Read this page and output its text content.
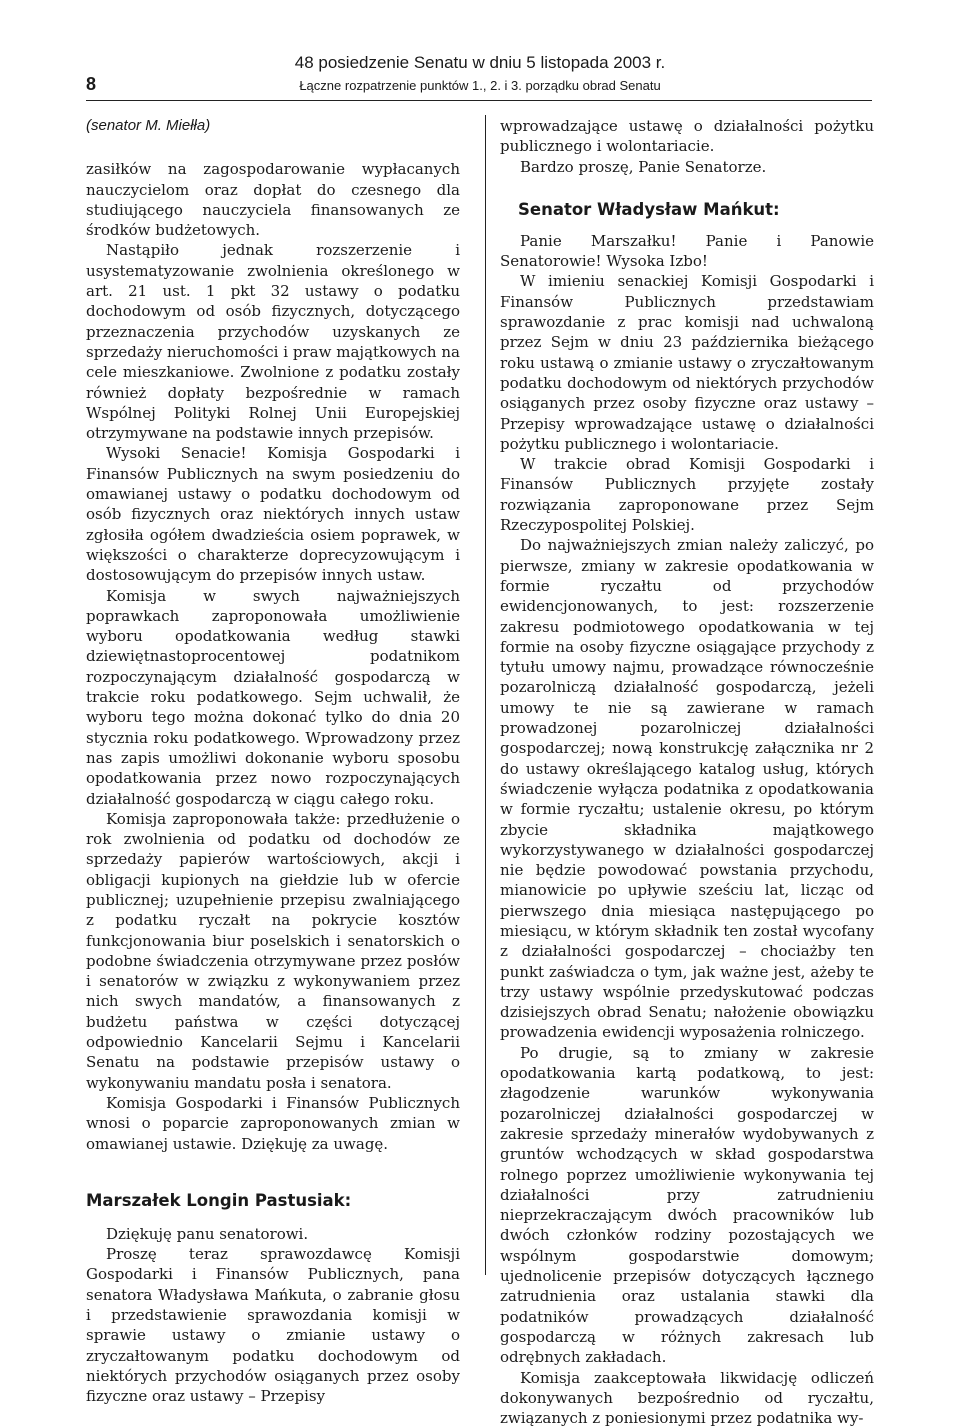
8
48 posiedzenie Senatu w dniu 5 listopada 2003 r.
Łączne rozpatrzenie punktów 1., 2. i 3. porządku obrad Senatu
(senator M. Miełła)

zasiłków na zagospodarowanie wypłacanych nauczycielom oraz dopłat do czesnego dla studiującego nauczyciela finansowanych ze środków budżetowych.

Nastąpiło jednak rozszerzenie i usystematyzowanie zwolnienia określonego w art. 21 ust. 1 pkt 32 ustawy o podatku dochodowym od osób fizycznych, dotyczącego przeznaczenia przychodów uzyskanych ze sprzedaży nieruchomości i praw majątkowych na cele mieszkaniowe. Zwolnione z podatku zostały również dopłaty bezpośrednie w ramach Wspólnej Polityki Rolnej Unii Europejskiej otrzymywane na podstawie innych przepisów.

Wysoki Senacie! Komisja Gospodarki i Finansów Publicznych na swym posiedzeniu do omawianej ustawy o podatku dochodowym od osób fizycznych oraz niektórych innych ustaw zgłosiła ogółem dwadzieścia osiem poprawek, w większości o charakterze doprecyzowującym i dostosowującym do przepisów innych ustaw.

Komisja w swych najważniejszych poprawkach zaproponowała umożliwienie wyboru opodatkowania według stawki dziewiętnastoprocentowej podatnikom rozpoczynającym działalność gospodarczą w trakcie roku podatkowego. Sejm uchwalił, że wyboru tego można dokonać tylko do dnia 20 stycznia roku podatkowego. Wprowadzony przez nas zapis umożliwi dokonanie wyboru sposobu opodatkowania przez nowo rozpoczynających działalność gospodarczą w ciągu całego roku.

Komisja zaproponowała także: przedłużenie o rok zwolnienia od podatku od dochodów ze sprzedaży papierów wartościowych, akcji i obligacji kupionych na giełdzie lub w ofercie publicznej; uzupełnienie przepisu zwalniającego z podatku ryczałt na pokrycie kosztów funkcjonowania biur poselskich i senatorskich o podobne świadczenia otrzymywane przez posłów i senatorów w związku z wykonywaniem przez nich swych mandatów, a finansowanych z budżetu państwa w części dotyczącej odpowiednio Kancelarii Sejmu i Kancelarii Senatu na podstawie przepisów ustawy o wykonywaniu mandatu posła i senatora.

Komisja Gospodarki i Finansów Publicznych wnosi o poparcie zaproponowanych zmian w omawianej ustawie. Dziękuję za uwagę.

Marszałek Longin Pastusiak:

Dziękuję panu senatorowi.

Proszę teraz sprawozdawcę Komisji Gospodarki i Finansów Publicznych, pana senatora Władysława Mańkuta, o zabranie głosu i przedstawienie sprawozdania komisji w sprawie ustawy o zmianie ustawy o zryczałtowanym podatku dochodowym od niektórych przychodów osiąganych przez osoby fizyczne oraz ustawy – Przepisy

wprowadzające ustawę o działalności pożytku publicznego i wolontariacie.

Bardzo proszę, Panie Senatorze.

Senator Władysław Mańkut:

Panie Marszałku! Panie i Panowie Senatorowie! Wysoka Izbo!

W imieniu senackiej Komisji Gospodarki i Finansów Publicznych przedstawiam sprawozdanie z prac komisji nad uchwaloną przez Sejm w dniu 23 października bieżącego roku ustawą o zmianie ustawy o zryczałtowanym podatku dochodowym od niektórych przychodów osiąganych przez osoby fizyczne oraz ustawy – Przepisy wprowadzające ustawę o działalności pożytku publicznego i wolontariacie.

W trakcie obrad Komisji Gospodarki i Finansów Publicznych przyjęte zostały rozwiązania zaproponowane przez Sejm Rzeczypospolitej Polskiej.

Do najważniejszych zmian należy zaliczyć, po pierwsze, zmiany w zakresie opodatkowania w formie ryczałtu od przychodów ewidencjonowanych, to jest: rozszerzenie zakresu podmiotowego opodatkowania w tej formie na osoby fizyczne osiągające przychody z tytułu umowy najmu, prowadzące równocześnie pozarolniczą działalność gospodarczą, jeżeli umowy te nie są zawierane w ramach prowadzonej pozarolniczej działalności gospodarczej; nową konstrukcję załącznika nr 2 do ustawy określającego katalog usług, których świadczenie wyłącza podatnika z opodatkowania w formie ryczałtu; ustalenie okresu, po którym zbycie składnika majątkowego wykorzystywanego w działalności gospodarczej nie będzie powodować powstania przychodu, mianowicie po upływie sześciu lat, licząc od pierwszego dnia miesiąca następującego po miesiącu, w którym składnik ten został wycofany z działalności gospodarczej – chociażby ten punkt zaświadcza o tym, jak ważne jest, ażeby te trzy ustawy wspólnie przedyskutować podczas dzisiejszych obrad Senatu; nałożenie obowiązku prowadzenia ewidencji wyposażenia rolniczego.

Po drugie, są to zmiany w zakresie opodatkowania kartą podatkową, to jest: złagodzenie warunków wykonywania pozarolniczej działalności gospodarczej w zakresie sprzedaży minerałów wydobywanych z gruntów wchodzących w skład gospodarstwa rolnego poprzez umożliwienie wykonywania tej działalności przy zatrudnieniu nieprzekraczającym dwóch pracowników lub dwóch członków rodziny pozostających we wspólnym gospodarstwie domowym; ujednolicenie przepisów dotyczących łącznego zatrudnienia oraz ustalania stawki dla podatników prowadzących działalność gospodarczą w różnych zakresach lub odrębnych zakładach.

Komisja zaakceptowała likwidację odliczeń dokonywanych bezpośrednio od ryczałtu, związanych z poniesionymi przez podatnika wy-
